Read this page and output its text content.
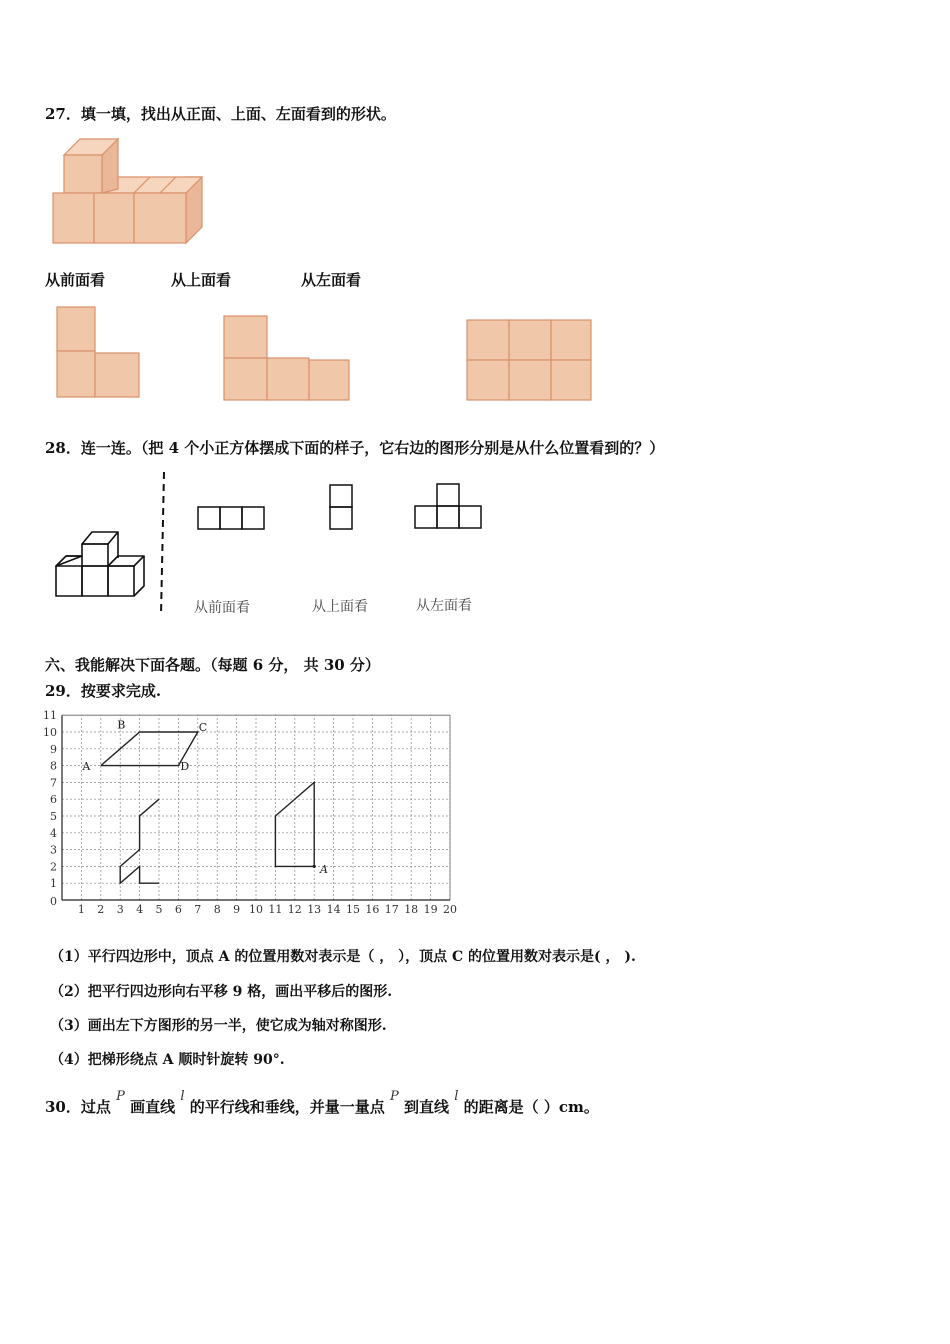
27．填一填，找出从正面、上面、左面看到的形状。
从前面看	从上面看	从左面看
28．连一连。（把 4 个小正方体摆成下面的样子，它右边的图形分别是从什么位置看到的？）
从前面看	从上面看	从左面看
六、我能解决下面各题。（每题 6 分， 共 30 分）
29．按要求完成.
1 2 3 4 5 6 7 8 9 10 11 12 13 14 15 16 17 18 19 20
1
2
3
4
5
6
7
8
9
10
11
0
A
B	C
D
A
（1）平行四边形中，顶点 A 的位置用数对表示是（ ， ），顶点 C 的位置用数对表示是( ， ).
（2）把平行四边形向右平移 9 格，画出平移后的图形.
（3）画出左下方图形的另一半，使它成为轴对称图形.
（4）把梯形绕点 A 顺时针旋转 90°.
30．过点 P 画直线 l 的平行线和垂线，并量一量点 P 到直线 l 的距离是（ ）cm。
